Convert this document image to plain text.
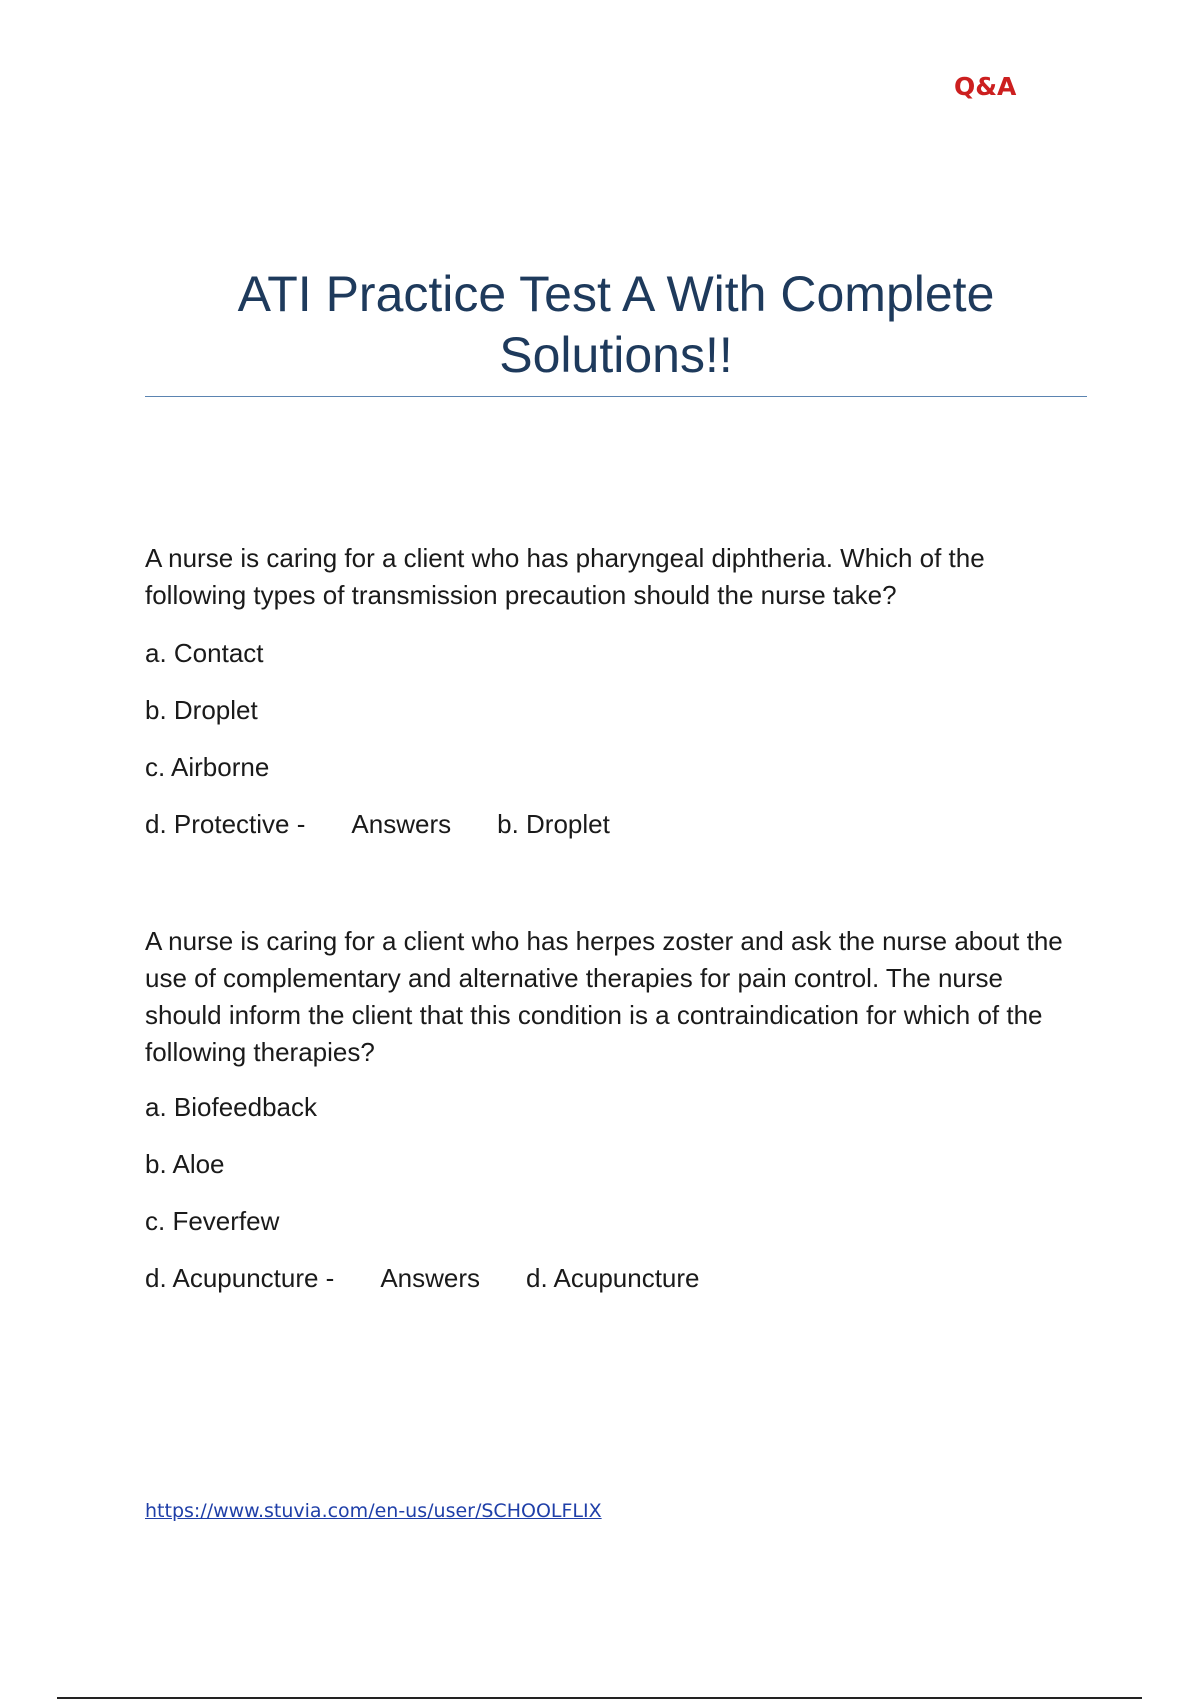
Q&A
ATI Practice Test A With Complete Solutions!!

A nurse is caring for a client who has pharyngeal diphtheria. Which of the following types of transmission precaution should the nurse take?

a. Contact

b. Droplet

c. Airborne

d. Protective - Answers b. Droplet

A nurse is caring for a client who has herpes zoster and ask the nurse about the use of complementary and alternative therapies for pain control. The nurse should inform the client that this condition is a contraindication for which of the following therapies?

a. Biofeedback

b. Aloe

c. Feverfew

d. Acupuncture - Answers d. Acupuncture

https://www.stuvia.com/en-us/user/SCHOOLFLIX
